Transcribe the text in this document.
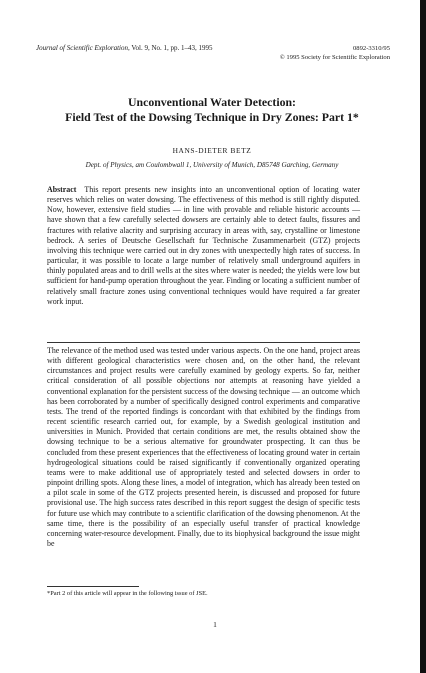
Journal of Scientific Exploration, Vol. 9, No. 1, pp. 1–43, 1995	0892-3310/95
© 1995 Society for Scientific Exploration
Unconventional Water Detection:
Field Test of the Dowsing Technique in Dry Zones: Part 1*
HANS-DIETER BETZ
Dept. of Physics, am Coulombwall 1, University of Munich, D85748 Garching, Germany
Abstract This report presents new insights into an unconventional option of locating water reserves which relies on water dowsing. The effectiveness of this method is still rightly disputed. Now, however, extensive field studies — in line with provable and reliable historic accounts — have shown that a few carefully selected dowsers are certainly able to detect faults, fissures and fractures with relative alacrity and surprising accuracy in areas with, say, crystalline or limestone bedrock. A series of Deutsche Gesellschaft fur Technische Zusammenarbeit (GTZ) projects involving this technique were carried out in dry zones with unexpectedly high rates of success. In particular, it was possible to locate a large number of relatively small underground aquifers in thinly populated areas and to drill wells at the sites where water is needed; the yields were low but sufficient for hand-pump operation throughout the year. Finding or locating a sufficient number of relatively small fracture zones using conventional techniques would have required a far greater work input.
The relevance of the method used was tested under various aspects. On the one hand, project areas with different geological characteristics were chosen and, on the other hand, the relevant circumstances and project results were carefully examined by geology experts. So far, neither critical consideration of all possible objections nor attempts at reasoning have yielded a conventional explanation for the persistent success of the dowsing technique — an outcome which has been corroborated by a number of specifically designed control experiments and comparative tests. The trend of the reported findings is concordant with that exhibited by the findings from recent scientific research carried out, for example, by a Swedish geological institution and universities in Munich. Provided that certain conditions are met, the results obtained show the dowsing technique to be a serious alternative for groundwater prospecting. It can thus be concluded from these present experiences that the effectiveness of locating ground water in certain hydrogeological situations could be raised significantly if conventionally organized operating teams were to make additional use of appropriately tested and selected dowsers in order to pinpoint drilling spots. Along these lines, a model of integration, which has already been tested on a pilot scale in some of the GTZ projects presented herein, is discussed and proposed for future provisional use. The high success rates described in this report suggest the design of specific tests for future use which may contribute to a scientific clarification of the dowsing phenomenon. At the same time, there is the possibility of an especially useful transfer of practical knowledge concerning water-resource development. Finally, due to its biophysical background the issue might be
*Part 2 of this article will appear in the following issue of JSE.
1
